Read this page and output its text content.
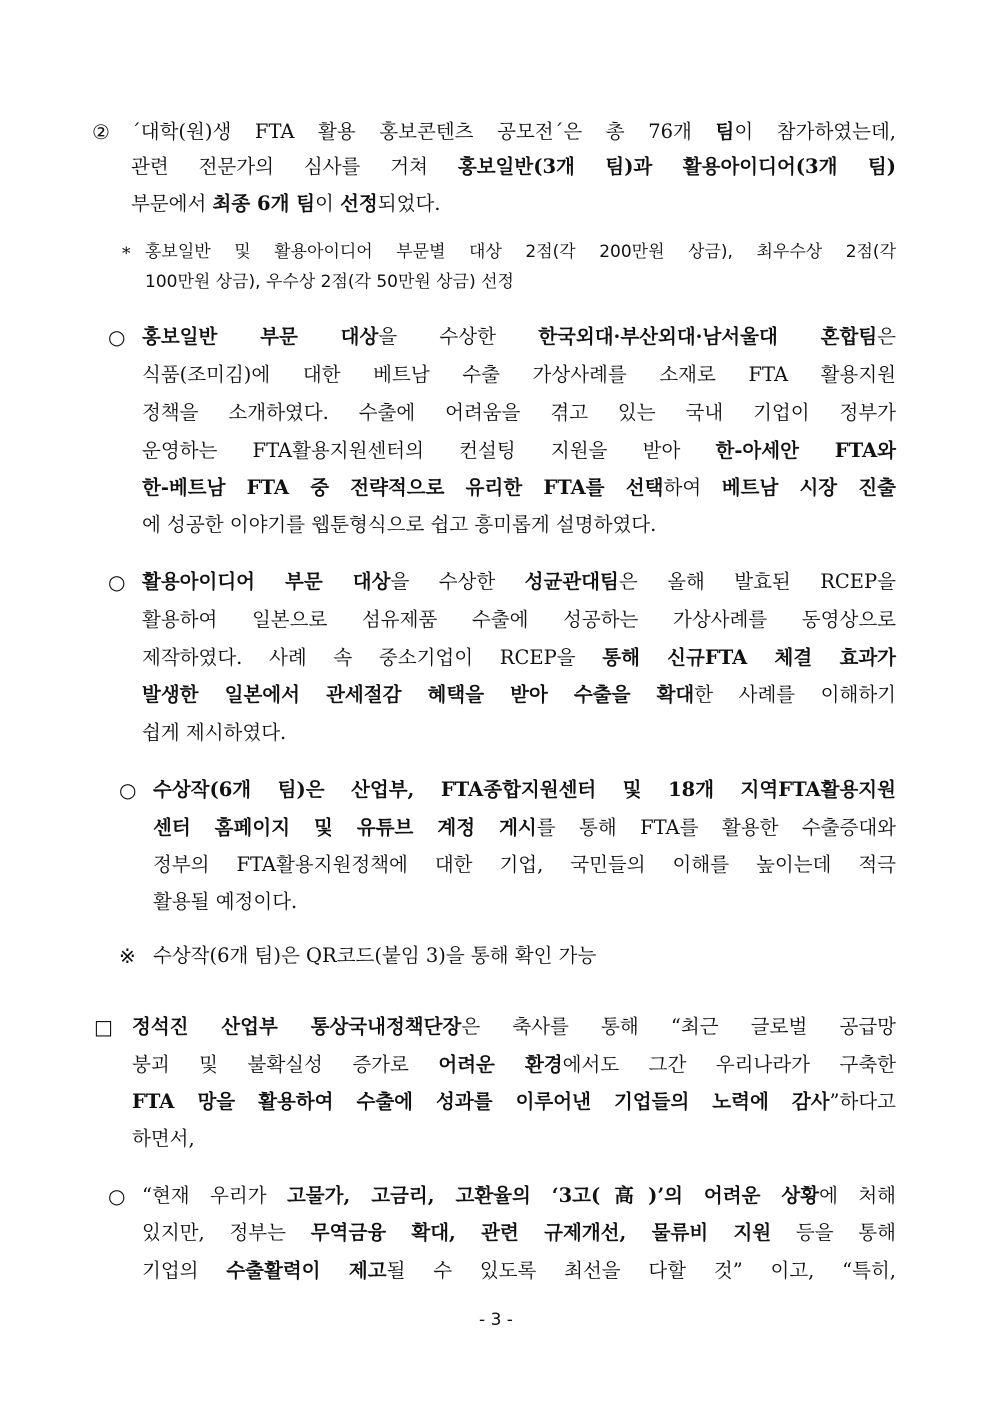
② ´대학(원)생 FTA 활용 홍보콘텐츠 공모전´은 총 76개 팀이 참가하였는데,
관련 전문가의 심사를 거쳐 홍보일반(3개 팀)과 활용아이디어(3개 팀)
부문에서 최종 6개 팀이 선정되었다.
* 홍보일반 및 활용아이디어 부문별 대상 2점(각 200만원 상금), 최우수상 2점(각
100만원 상금), 우수상 2점(각 50만원 상금) 선정
○ 홍보일반 부문 대상을 수상한 한국외대·부산외대·남서울대 혼합팀은
식품(조미김)에 대한 베트남 수출 가상사례를 소재로 FTA 활용지원
정책을 소개하였다. 수출에 어려움을 겪고 있는 국내 기업이 정부가
운영하는 FTA활용지원센터의 컨설팅 지원을 받아 한-아세안 FTA와
한-베트남 FTA 중 전략적으로 유리한 FTA를 선택하여 베트남 시장 진출
에 성공한 이야기를 웹툰형식으로 쉽고 흥미롭게 설명하였다.
○ 활용아이디어 부문 대상을 수상한 성균관대팀은 올해 발효된 RCEP을
활용하여 일본으로 섬유제품 수출에 성공하는 가상사례를 동영상으로
제작하였다. 사례 속 중소기업이 RCEP을 통해 신규FTA 체결 효과가
발생한 일본에서 관세절감 혜택을 받아 수출을 확대한 사례를 이해하기
쉽게 제시하였다.
○ 수상작(6개 팀)은 산업부, FTA종합지원센터 및 18개 지역FTA활용지원
센터 홈페이지 및 유튜브 계정 게시를 통해 FTA를 활용한 수출증대와
정부의 FTA활용지원정책에 대한 기업, 국민들의 이해를 높이는데 적극
활용될 예정이다.
※ 수상작(6개 팀)은 QR코드(붙임 3)을 통해 확인 가능
□ 정석진 산업부 통상국내정책단장은 축사를 통해 “최근 글로벌 공급망
붕괴 및 불확실성 증가로 어려운 환경에서도 그간 우리나라가 구축한
FTA 망을 활용하여 수출에 성과를 이루어낸 기업들의 노력에 감사”하다고
하면서,
○ “현재 우리가 고물가, 고금리, 고환율의 ‘3고(高)’의 어려운 상황에 처해
있지만, 정부는 무역금융 확대, 관련 규제개선, 물류비 지원 등을 통해
기업의 수출활력이 제고될 수 있도록 최선을 다할 것” 이고, “특히,
- 3 -
